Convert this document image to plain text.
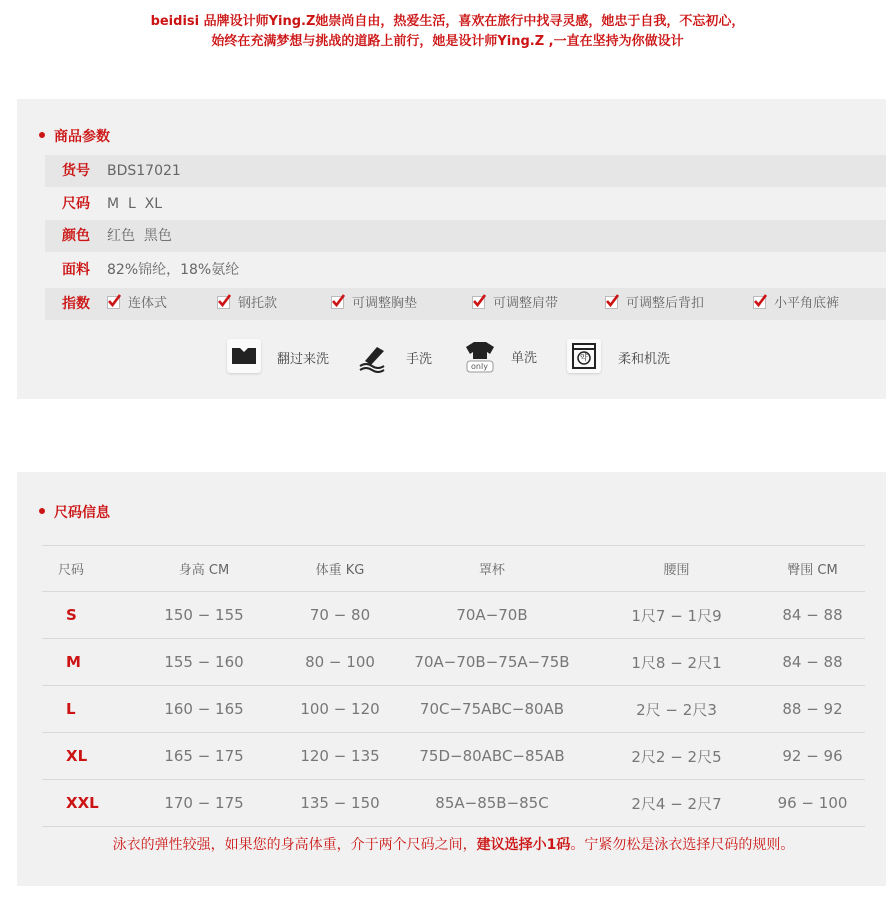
beidisi 品牌设计师Ying.Z她崇尚自由，热爱生活，喜欢在旅行中找寻灵感，她忠于自我，不忘初心，
始终在充满梦想与挑战的道路上前行，她是设计师Ying.Z ,一直在坚持为你做设计
商品参数
货号 BDS17021
尺码 M  L  XL
颜色 红色  黑色
面料 82%锦纶，18%氨纶
指数	连体式	钢托款	可调整胸垫	可调整肩带	可调整后背扣	小平角底裤
翻过来洗	手洗	only
单洗	약 柔和机洗
尺码信息
尺码	身高 CM	体重 KG	罩杯	腰围	臀围 CM
S	150 − 155	70 − 80	70A−70B	1尺7 − 1尺9	84 − 88
M	155 − 160	80 − 100	70A−70B−75A−75B	1尺8 − 2尺1	84 − 88
L	160 − 165	100 − 120	70C−75ABC−80AB	2尺 − 2尺3	88 − 92
XL	165 − 175	120 − 135	75D−80ABC−85AB	2尺2 − 2尺5	92 − 96
XXL	170 − 175	135 − 150	85A−85B−85C	2尺4 − 2尺7	96 − 100
泳衣的弹性较强，如果您的身高体重，介于两个尺码之间，建议选择小1码。宁紧勿松是泳衣选择尺码的规则。
